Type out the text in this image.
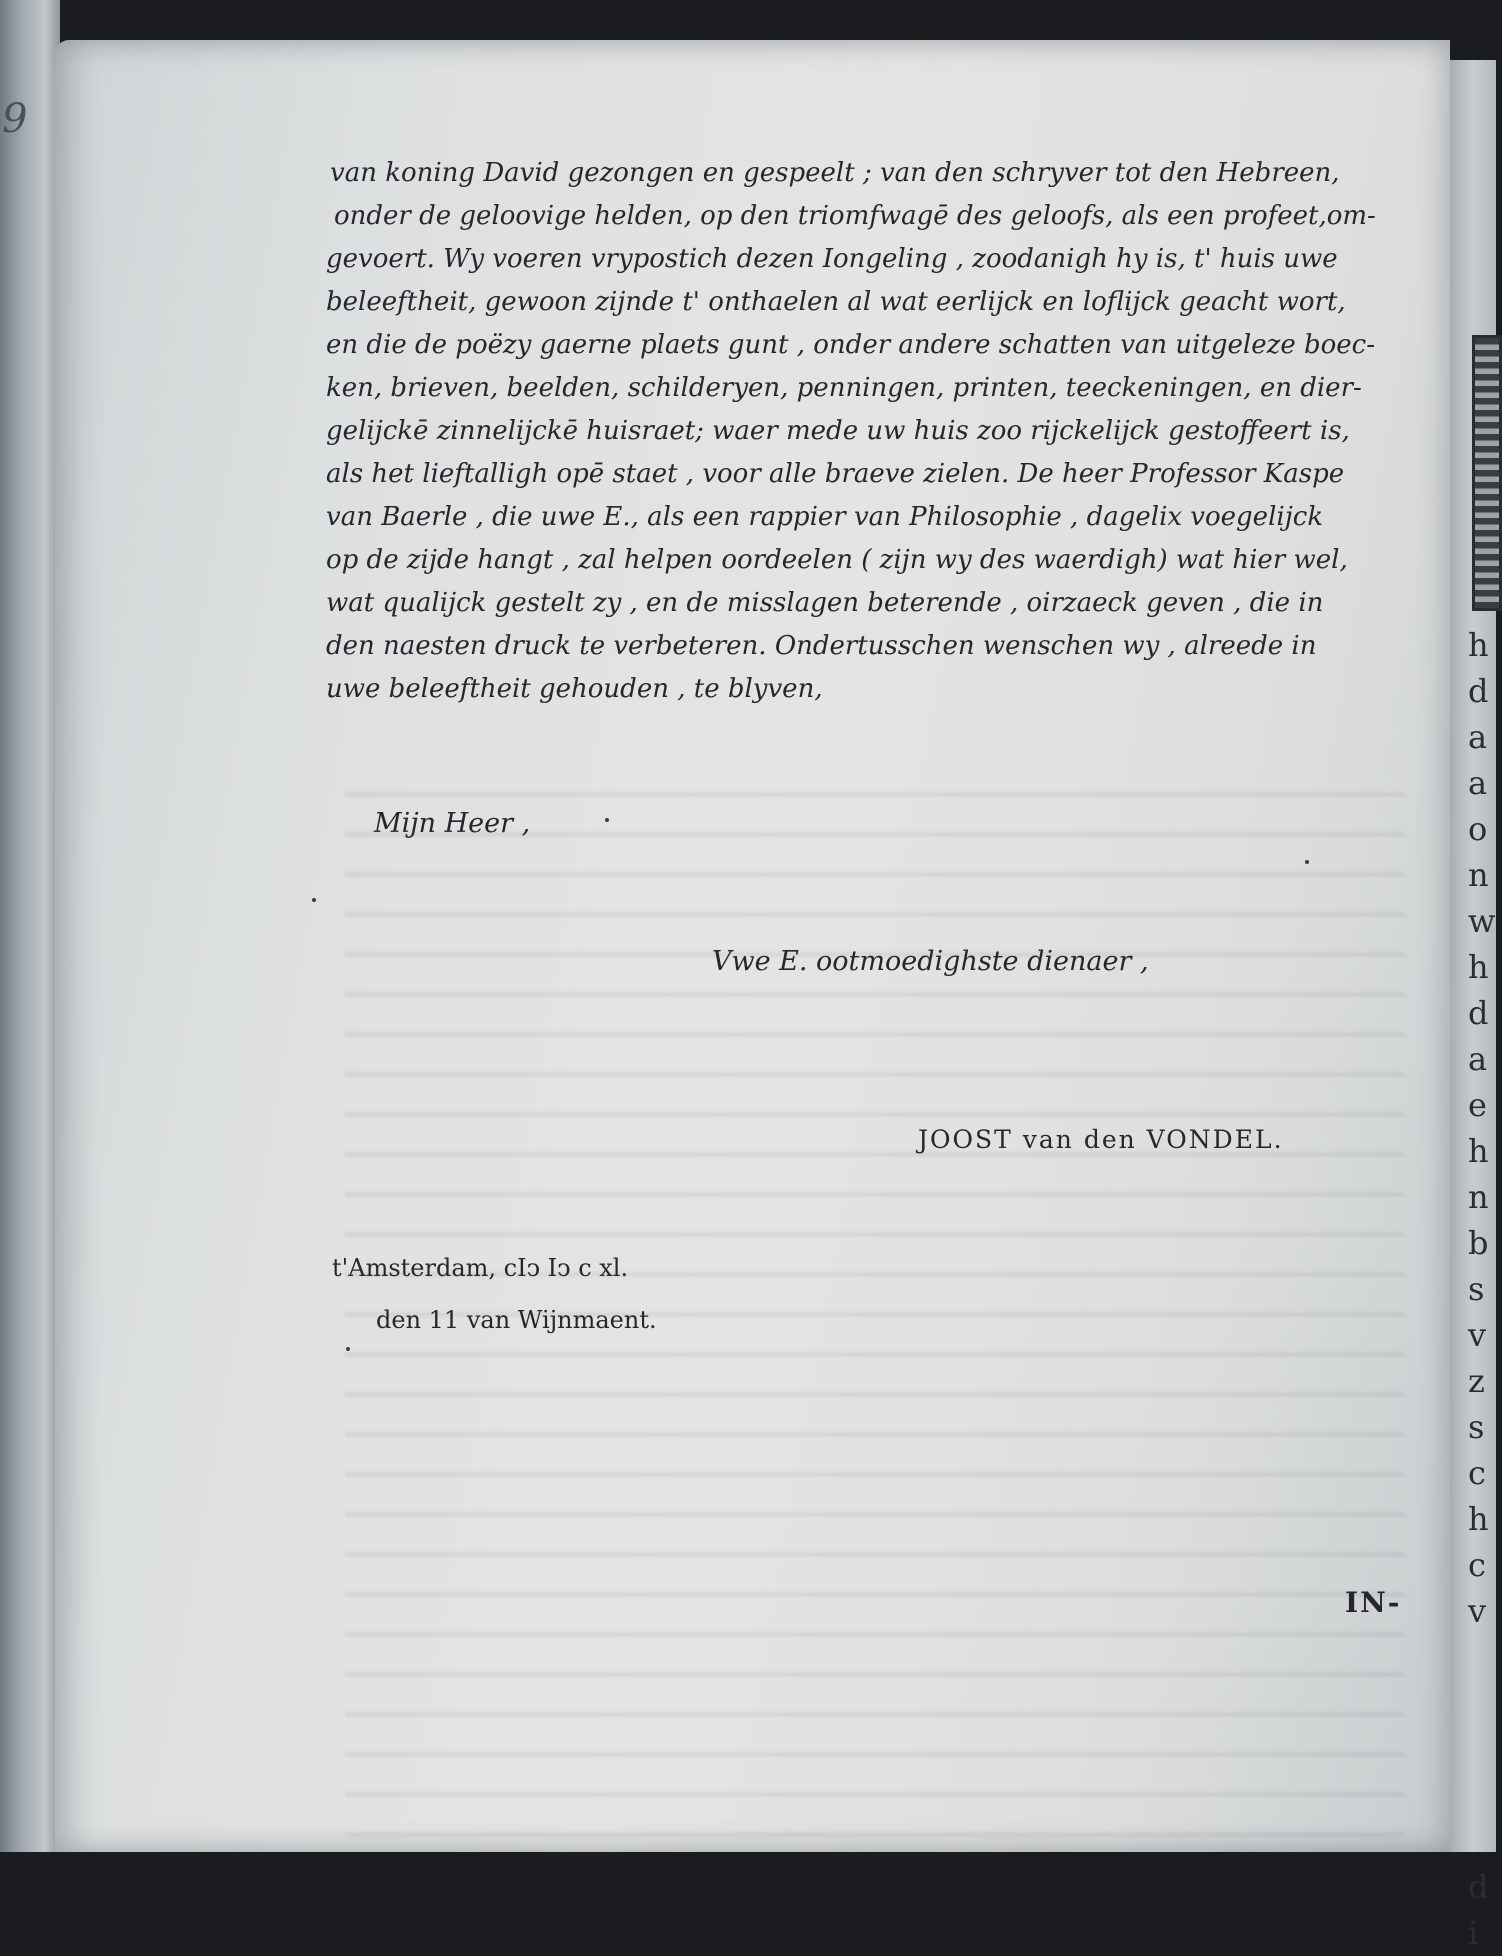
9
h
d
a
a
o
n
w
h
d
a
e
h
n
b
s
v
z
s
c
h
c
v
d
i
van koning David gezongen en gespeelt ; van den schryver tot den Hebreen,
onder de geloovige helden, op den triomfwagē des geloofs, als een profeet,om-
gevoert. Wy voeren vrypostich dezen Iongeling , zoodanigh hy is, t' huis uwe
beleeftheit, gewoon zijnde t' onthaelen al wat eerlijck en loflijck geacht wort,
en die de poëzy gaerne plaets gunt , onder andere schatten van uitgeleze boec-
ken, brieven, beelden, schilderyen, penningen, printen, teeckeningen, en dier-
gelijckē zinnelijckē huisraet; waer mede uw huis zoo rijckelijck gestoffeert is,
als het lieftalligh opē staet , voor alle braeve zielen. De heer Professor Kaspe
van Baerle , die uwe E., als een rappier van Philosophie , dagelix voegelijck
op de zijde hangt , zal helpen oordeelen ( zijn wy des waerdigh) wat hier wel,
wat qualijck gestelt zy , en de misslagen beterende , oirzaeck geven , die in
den naesten druck te verbeteren. Ondertusschen wenschen wy , alreede in
uwe beleeftheit gehouden , te blyven,
Mijn Heer ,
Vwe E. ootmoedighste dienaer ,
JOOST van den VONDEL.
t'Amsterdam, cIↄ Iↄ c xl.
den 11 van Wijnmaent.
IN-
